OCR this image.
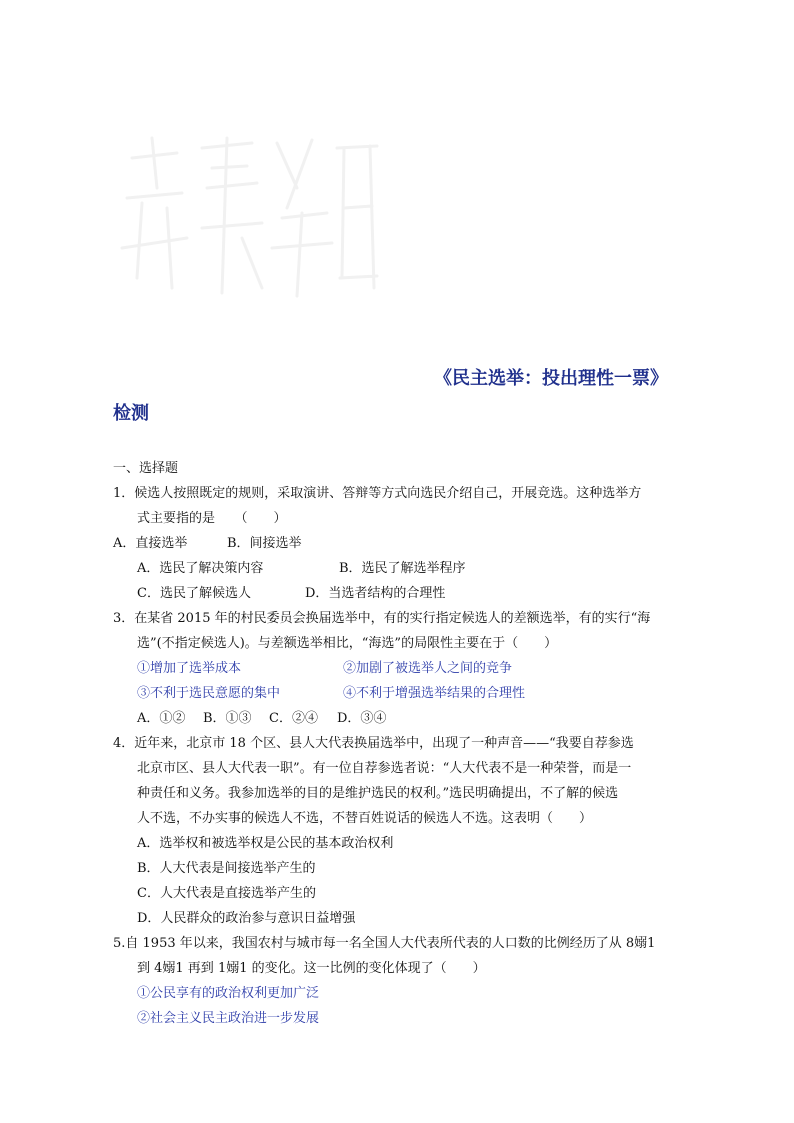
《民主选举：投出理性一票》
检测
一、选择题
1．候选人按照既定的规则，采取演讲、答辩等方式向选民介绍自己，开展竞选。这种选举方
式主要指的是　　（　　）
A．直接选举	B．间接选举
A．选民了解决策内容	B．选民了解选举程序
C．选民了解候选人	D．当选者结构的合理性
3．在某省 2015 年的村民委员会换届选举中，有的实行指定候选人的差额选举，有的实行“海
选”(不指定候选人)。与差额选举相比，“海选”的局限性主要在于（　　）
①增加了选举成本	②加剧了被选举人之间的竞争
③不利于选民意愿的集中	④不利于增强选举结果的合理性
A．①② B．①③ C．②④ D．③④
4．近年来，北京市 18 个区、县人大代表换届选举中，出现了一种声音——“我要自荐参选
北京市区、县人大代表一职”。有一位自荐参选者说：“人大代表不是一种荣誉，而是一
种责任和义务。我参加选举的目的是维护选民的权利。”选民明确提出，不了解的候选
人不选，不办实事的候选人不选，不替百姓说话的候选人不选。这表明（　　）
A．选举权和被选举权是公民的基本政治权利
B．人大代表是间接选举产生的
C．人大代表是直接选举产生的
D．人民群众的政治参与意识日益增强
5.自 1953 年以来，我国农村与城市每一名全国人大代表所代表的人口数的比例经历了从 8嫋1
到 4嫋1 再到 1嫋1 的变化。这一比例的变化体现了（　　）
①公民享有的政治权利更加广泛
②社会主义民主政治进一步发展
